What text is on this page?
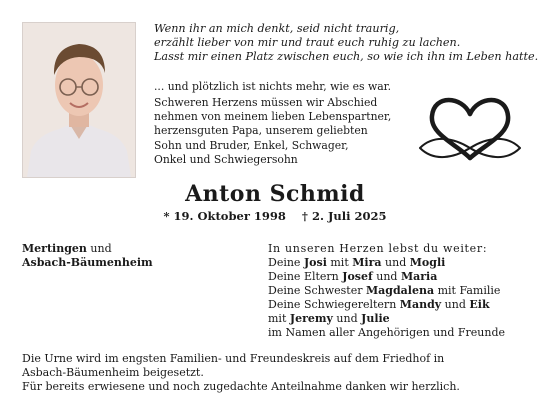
Wenn ihr an mich denkt, seid nicht traurig,
erzählt lieber von mir und traut euch ruhig zu lachen.
Lasst mir einen Platz zwischen euch, so wie ich ihn im Leben hatte.
... und plötzlich ist nichts mehr, wie es war.
Schweren Herzens müssen wir Abschied
nehmen von meinem lieben Lebenspartner,
herzensguten Papa, unserem geliebten
Sohn und Bruder, Enkel, Schwager,
Onkel und Schwiegersohn
Anton Schmid
* 19. Oktober 1998 † 2. Juli 2025
Mertingen und
Asbach-Bäumenheim
In unseren Herzen lebst du weiter:
Deine Josi mit Mira und Mogli
Deine Eltern Josef und Maria
Deine Schwester Magdalena mit Familie
Deine Schwiegereltern Mandy und Eik
mit Jeremy und Julie
im Namen aller Angehörigen und Freunde
Die Urne wird im engsten Familien- und Freundeskreis auf dem Friedhof in
Asbach-Bäumenheim beigesetzt.
Für bereits erwiesene und noch zugedachte Anteilnahme danken wir herzlich.
